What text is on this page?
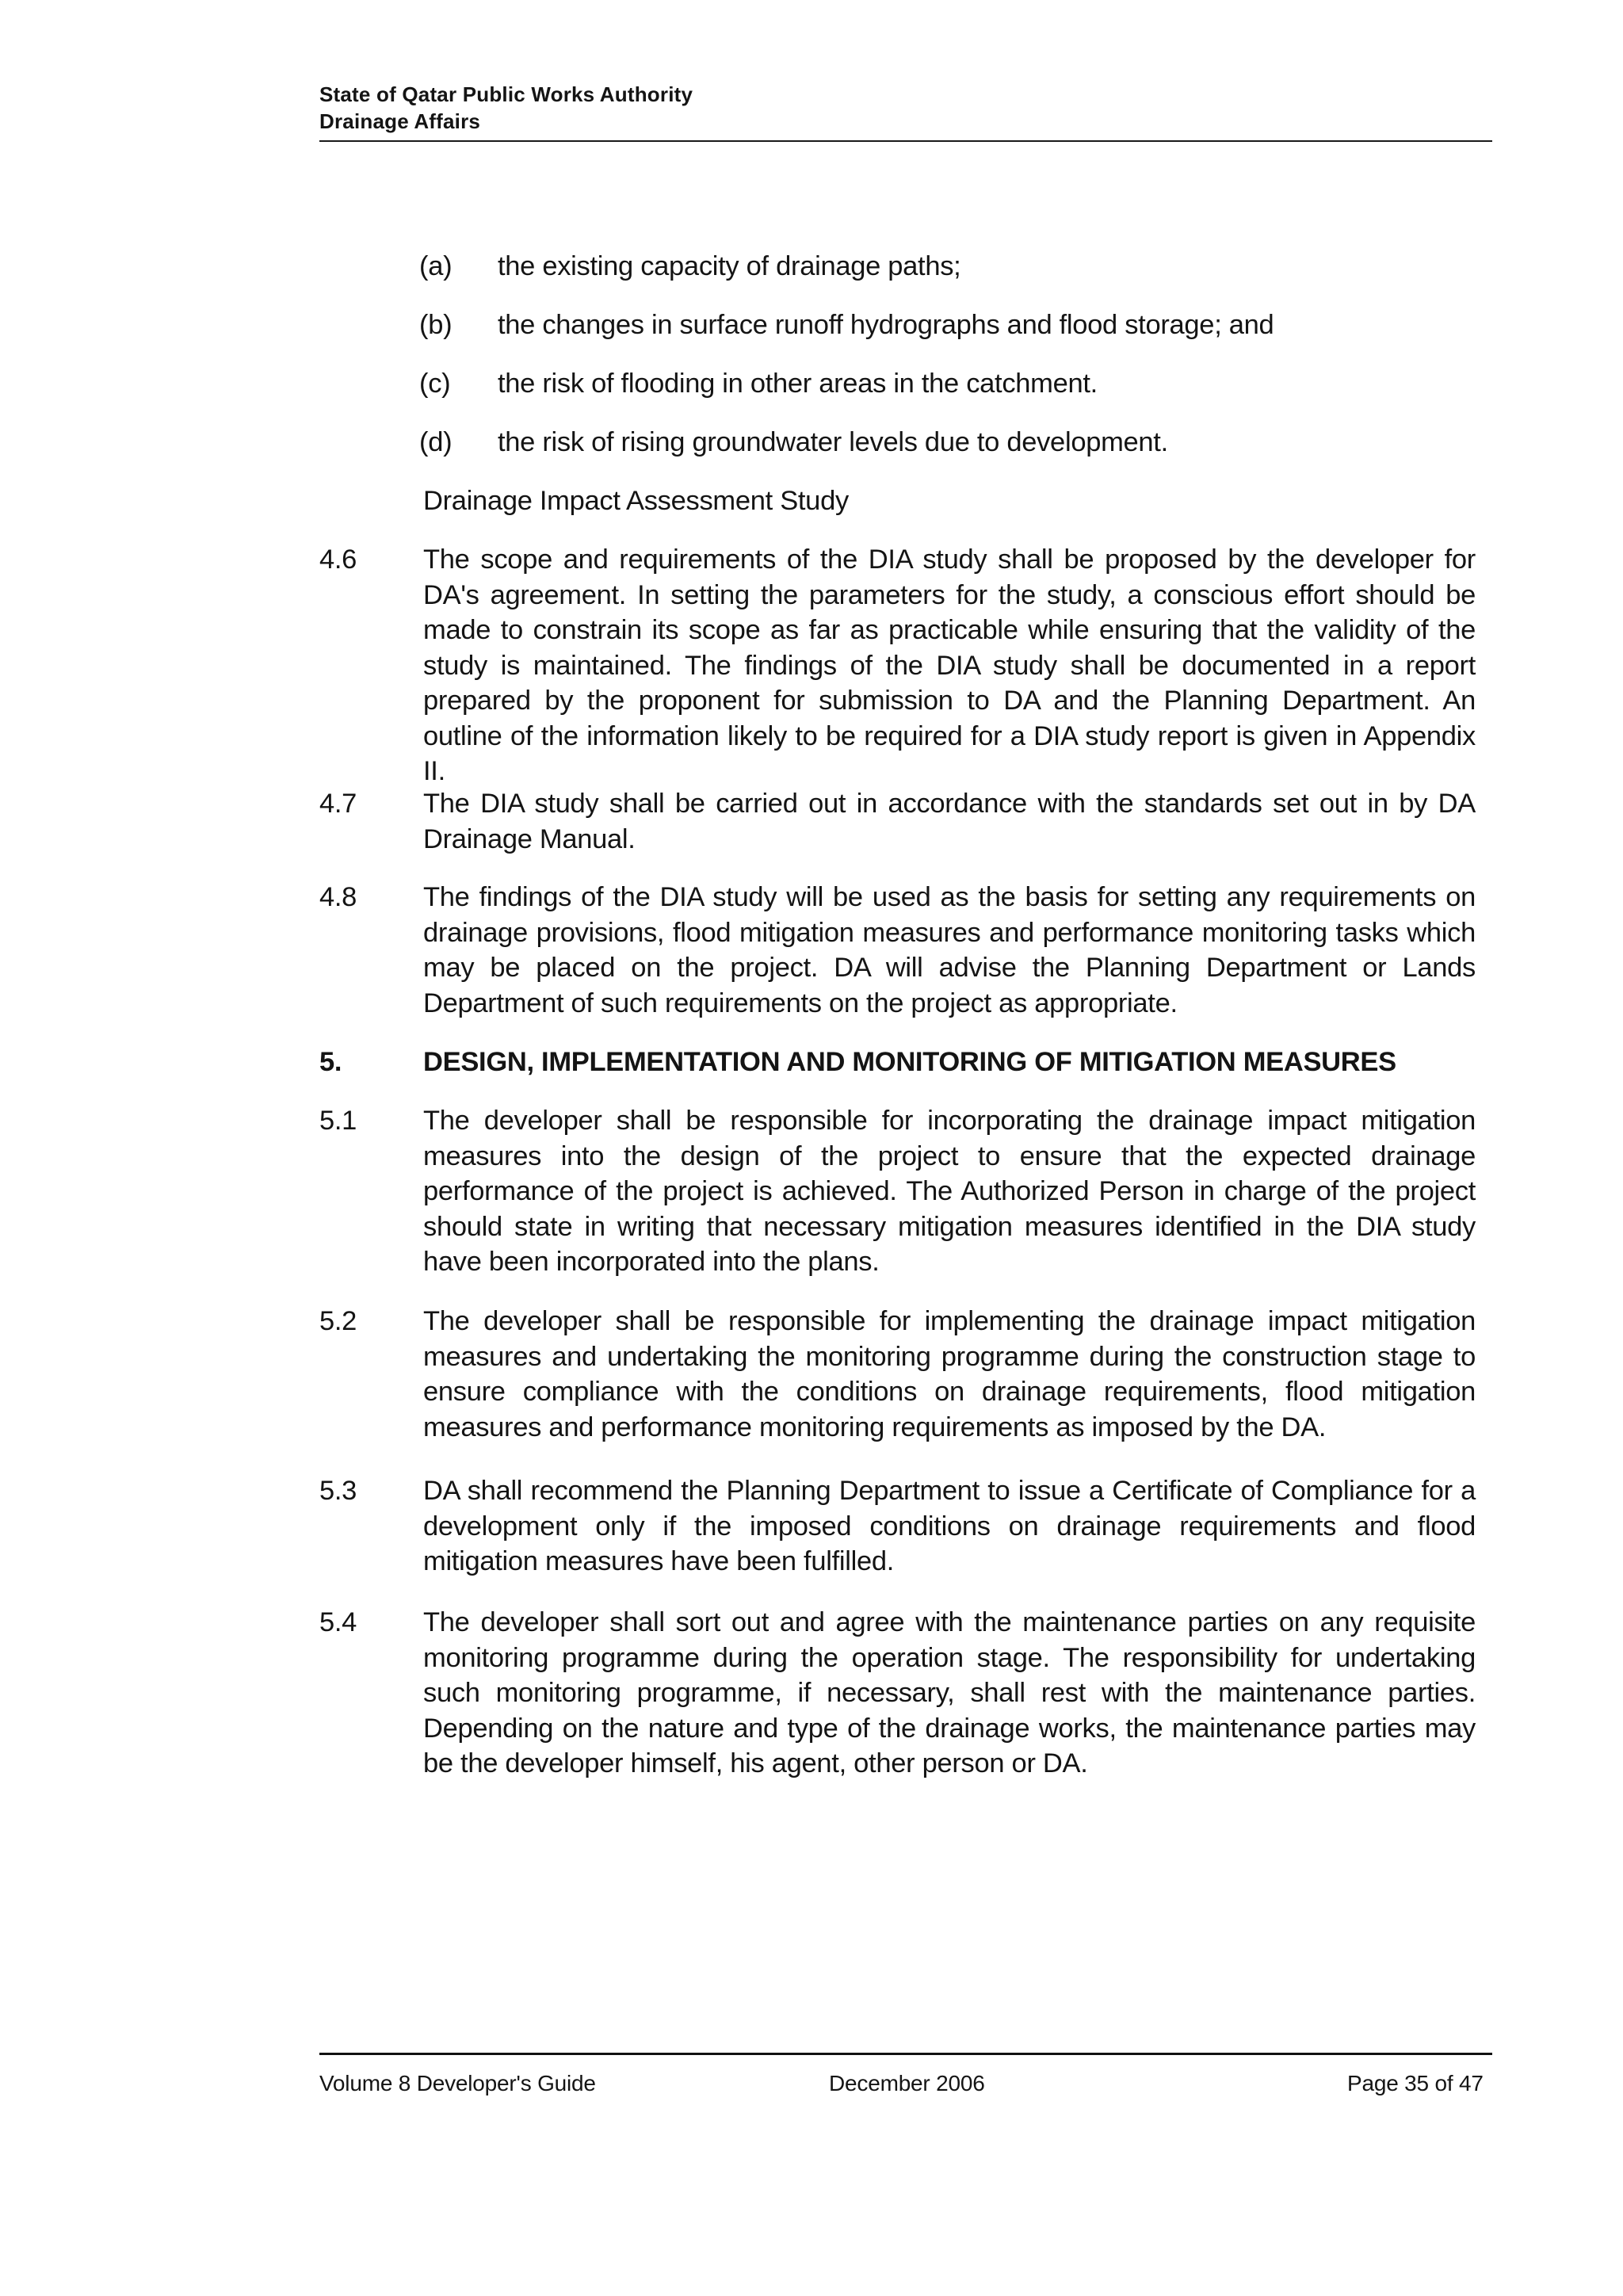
State of Qatar Public Works Authority
Drainage Affairs
(a) the existing capacity of drainage paths;
(b) the changes in surface runoff hydrographs and flood storage; and
(c) the risk of flooding in other areas in the catchment.
(d) the risk of rising groundwater levels due to development.
Drainage Impact Assessment Study
4.6 The scope and requirements of the DIA study shall be proposed by the developer for DA's agreement. In setting the parameters for the study, a conscious effort should be made to constrain its scope as far as practicable while ensuring that the validity of the study is maintained. The findings of the DIA study shall be documented in a report prepared by the proponent for submission to DA and the Planning Department. An outline of the information likely to be required for a DIA study report is given in Appendix II.
4.7 The DIA study shall be carried out in accordance with the standards set out in by DA Drainage Manual.
4.8 The findings of the DIA study will be used as the basis for setting any requirements on drainage provisions, flood mitigation measures and performance monitoring tasks which may be placed on the project. DA will advise the Planning Department or Lands Department of such requirements on the project as appropriate.
5.	DESIGN, IMPLEMENTATION AND MONITORING OF MITIGATION MEASURES
5.1 The developer shall be responsible for incorporating the drainage impact mitigation measures into the design of the project to ensure that the expected drainage performance of the project is achieved. The Authorized Person in charge of the project should state in writing that necessary mitigation measures identified in the DIA study have been incorporated into the plans.
5.2 The developer shall be responsible for implementing the drainage impact mitigation measures and undertaking the monitoring programme during the construction stage to ensure compliance with the conditions on drainage requirements, flood mitigation measures and performance monitoring requirements as imposed by the DA.
5.3 DA shall recommend the Planning Department to issue a Certificate of Compliance for a development only if the imposed conditions on drainage requirements and flood mitigation measures have been fulfilled.
5.4 The developer shall sort out and agree with the maintenance parties on any requisite monitoring programme during the operation stage. The responsibility for undertaking such monitoring programme, if necessary, shall rest with the maintenance parties. Depending on the nature and type of the drainage works, the maintenance parties may be the developer himself, his agent, other person or DA.
Volume 8 Developer's Guide	December 2006	Page 35 of 47
